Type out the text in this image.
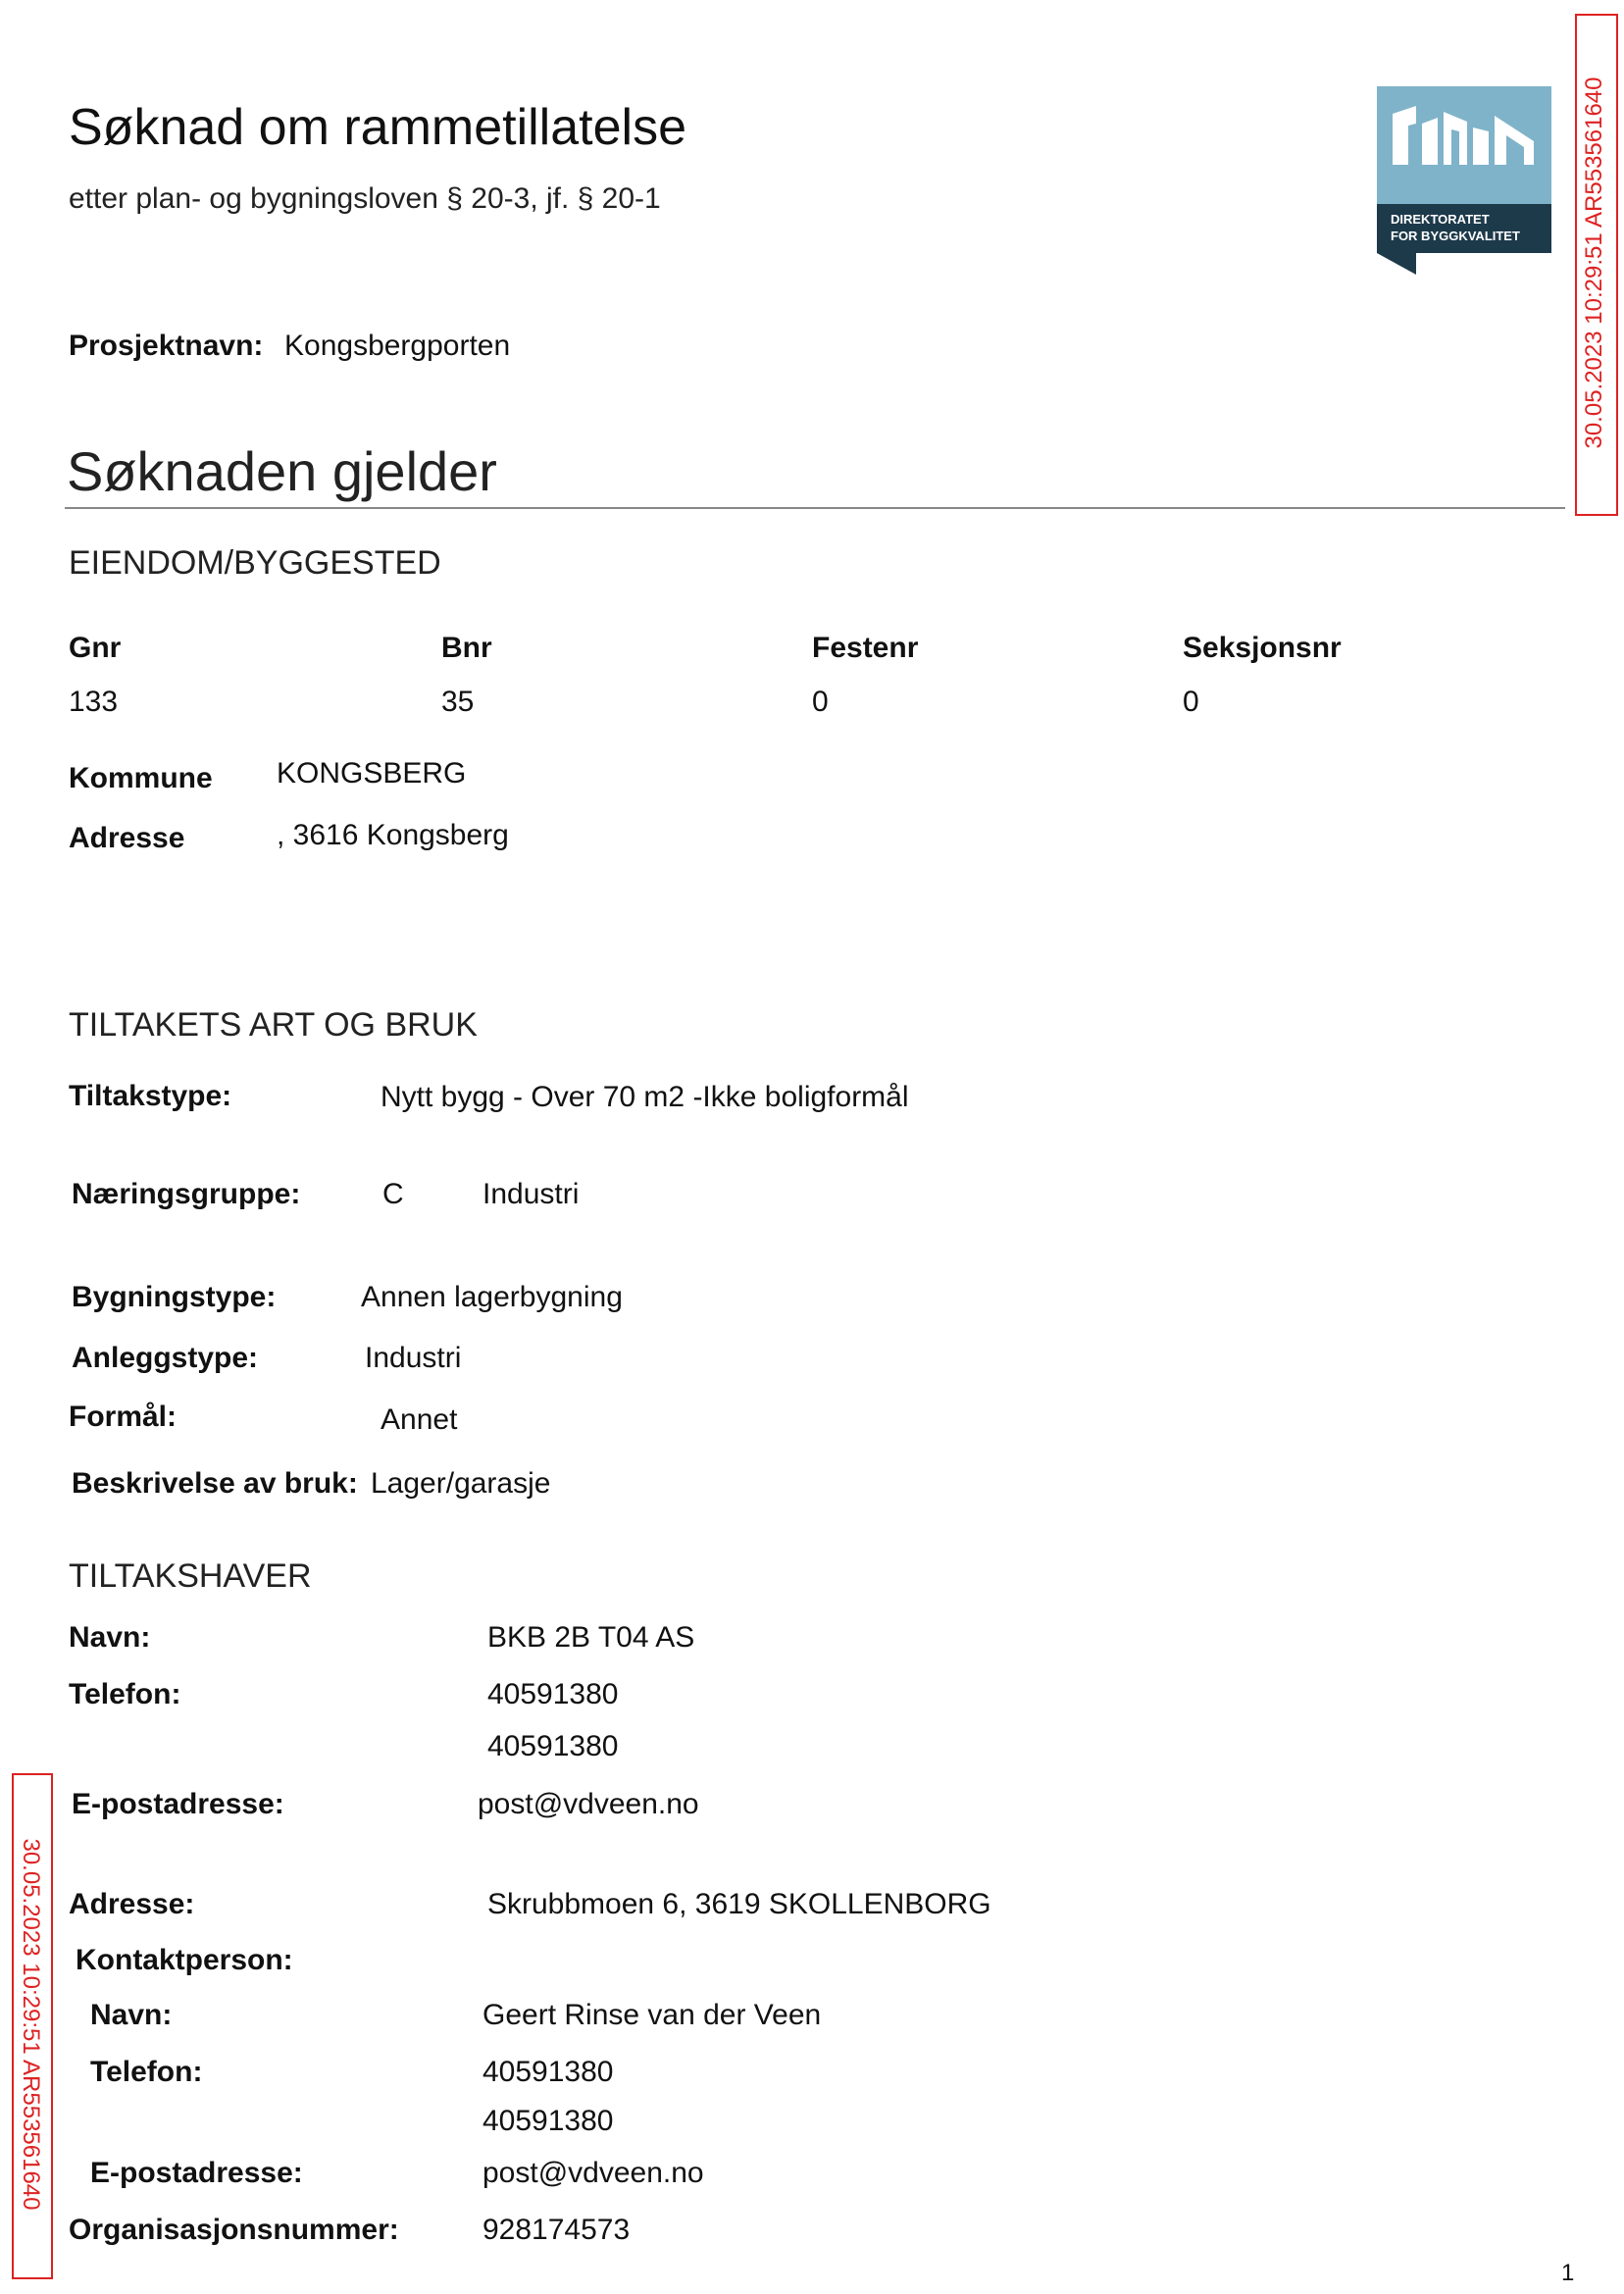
Søknad om rammetillatelse
etter plan- og bygningsloven § 20-3, jf. § 20-1
DIREKTORATET
FOR BYGGKVALITET	30.05.2023 10:29:51 AR553561640
30.05.2023 10:29:51 AR553561640
Prosjektnavn: Kongsbergporten
Søknaden gjelder
EIENDOM/BYGGESTED
Gnr	Bnr	Festenr	Seksjonsnr
133	35	0	0
Kommune KONGSBERG
Adresse	, 3616 Kongsberg
TILTAKETS ART OG BRUK
Tiltakstype:	Nytt bygg - Over 70 m2 -Ikke boligformål
Næringsgruppe:	C	Industri
Bygningstype:	Annen lagerbygning
Anleggstype:	Industri
Formål:	Annet
Beskrivelse av bruk: Lager/garasje
TILTAKSHAVER
Navn:	BKB 2B T04 AS
Telefon:	40591380
40591380
E-postadresse:	post@vdveen.no
Adresse:	Skrubbmoen 6, 3619 SKOLLENBORG
Kontaktperson:
Navn:	Geert Rinse van der Veen
Telefon:	40591380
40591380
E-postadresse:	post@vdveen.no
Organisasjonsnummer:	928174573
1
